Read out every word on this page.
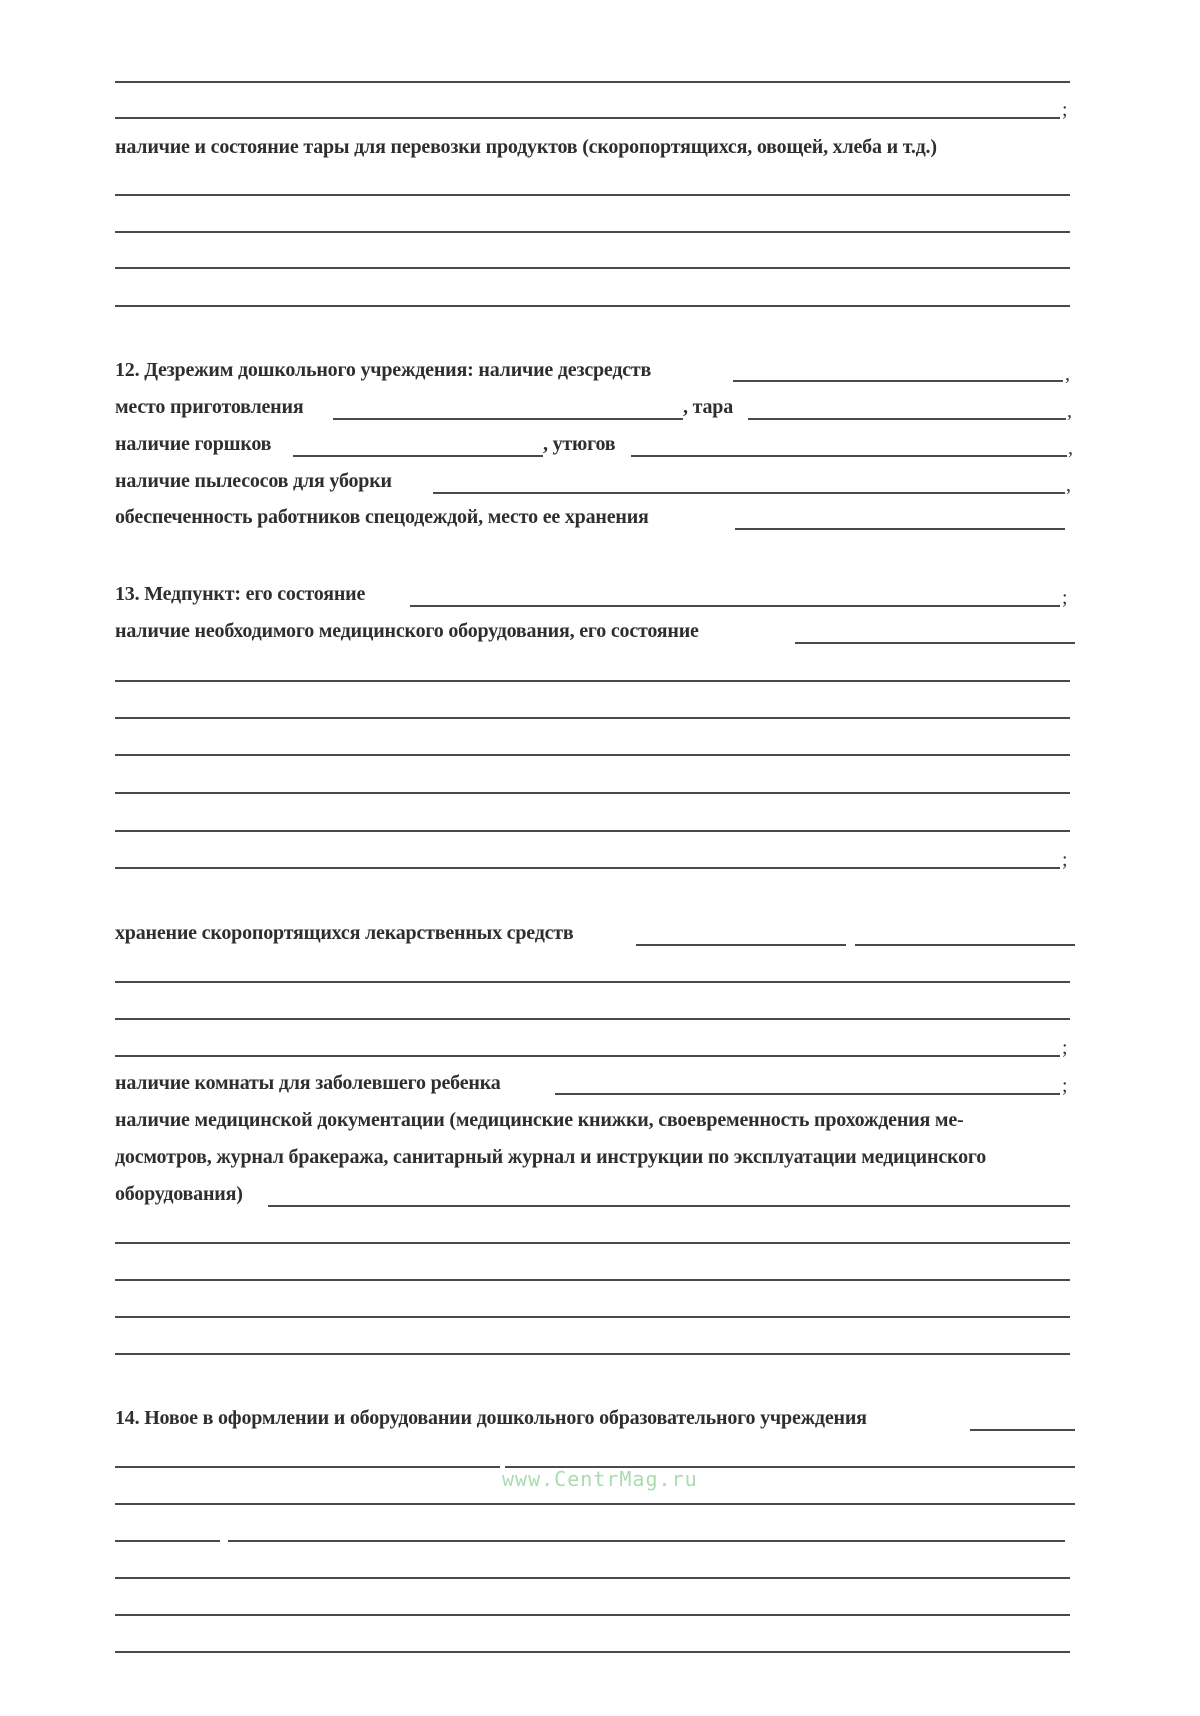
;
наличие и состояние тары для перевозки продуктов (скоропортящихся, овощей, хлеба и т.д.)
12. Дезрежим дошкольного учреждения: наличие дезсредств	,
место приготовления	, тара	,
наличие горшков	, утюгов	,
наличие пылесосов для уборки	,
обеспеченность работников спецодеждой, место ее хранения
13. Медпункт: его состояние	;
наличие необходимого медицинского оборудования, его состояние
;
хранение скоропортящихся лекарственных средств
;
наличие комнаты для заболевшего ребенка	;
наличие медицинской документации (медицинские книжки, своевременность прохождения ме-
досмотров, журнал бракеража, санитарный журнал и инструкции по эксплуатации медицинского
оборудования)
14. Новое в оформлении и оборудовании дошкольного образовательного учреждения
www.CentrMag.ru
